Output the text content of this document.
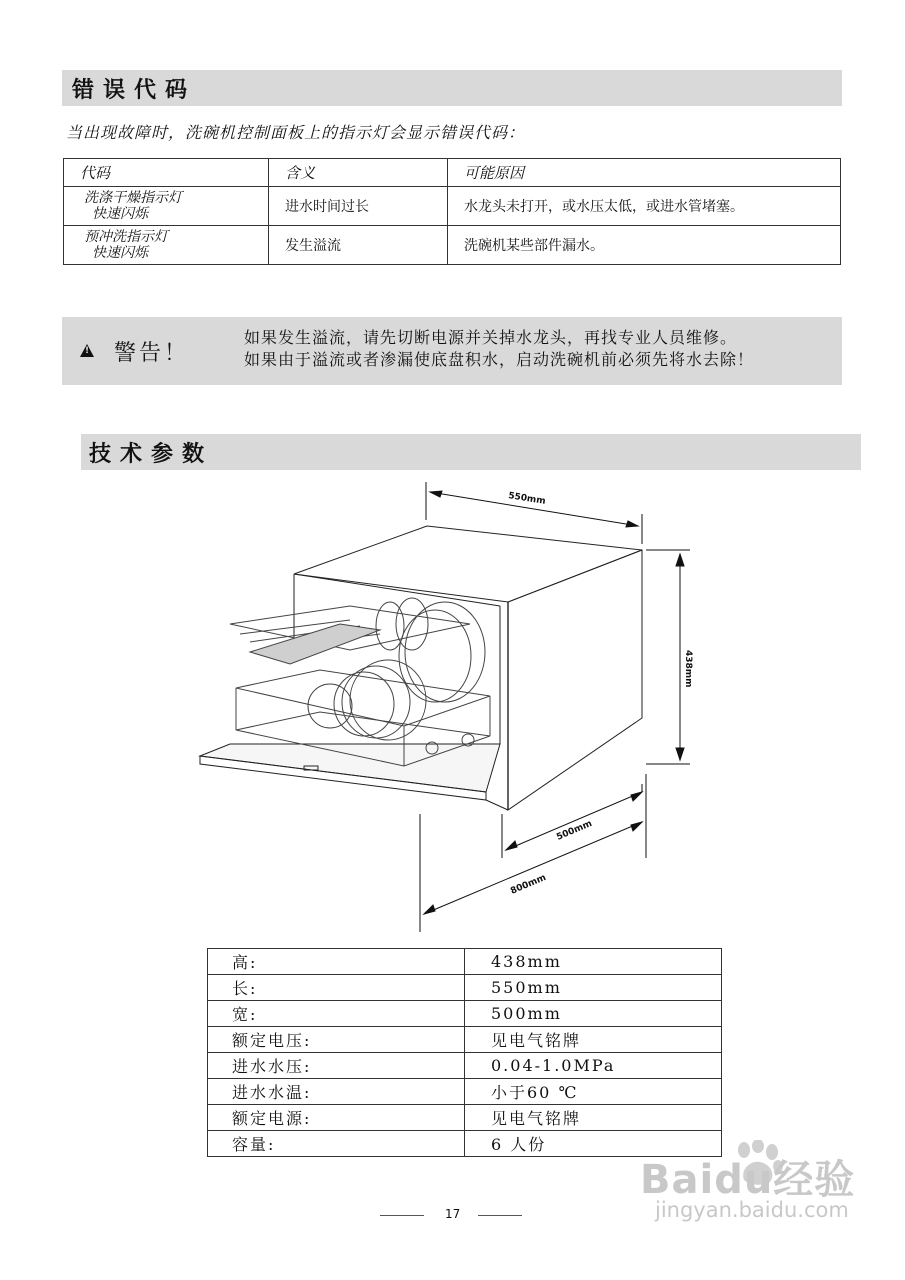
错误代码
当出现故障时，洗碗机控制面板上的指示灯会显示错误代码：
代码	含义	可能原因

洗涤干燥指示灯
快速闪烁	进水时间过长	水龙头未打开，或水压太低，或进水管堵塞。

预冲洗指示灯
快速闪烁	发生溢流	洗碗机某些部件漏水。
! 警告！
如果发生溢流，请先切断电源并关掉水龙头，再找专业人员维修。
如果由于溢流或者渗漏使底盘积水，启动洗碗机前必须先将水去除！
技术参数
550mm
438mm
500mm
800mm
高:	438mm
长:	550mm
宽:	500mm
额定电压:	见电气铭牌
进水水压:	0.04-1.0MPa
进水水温:	小于60 ℃
额定电源:	见电气铭牌
容量:	6 人份
17
Baidu经验
jingyan.baidu.com
